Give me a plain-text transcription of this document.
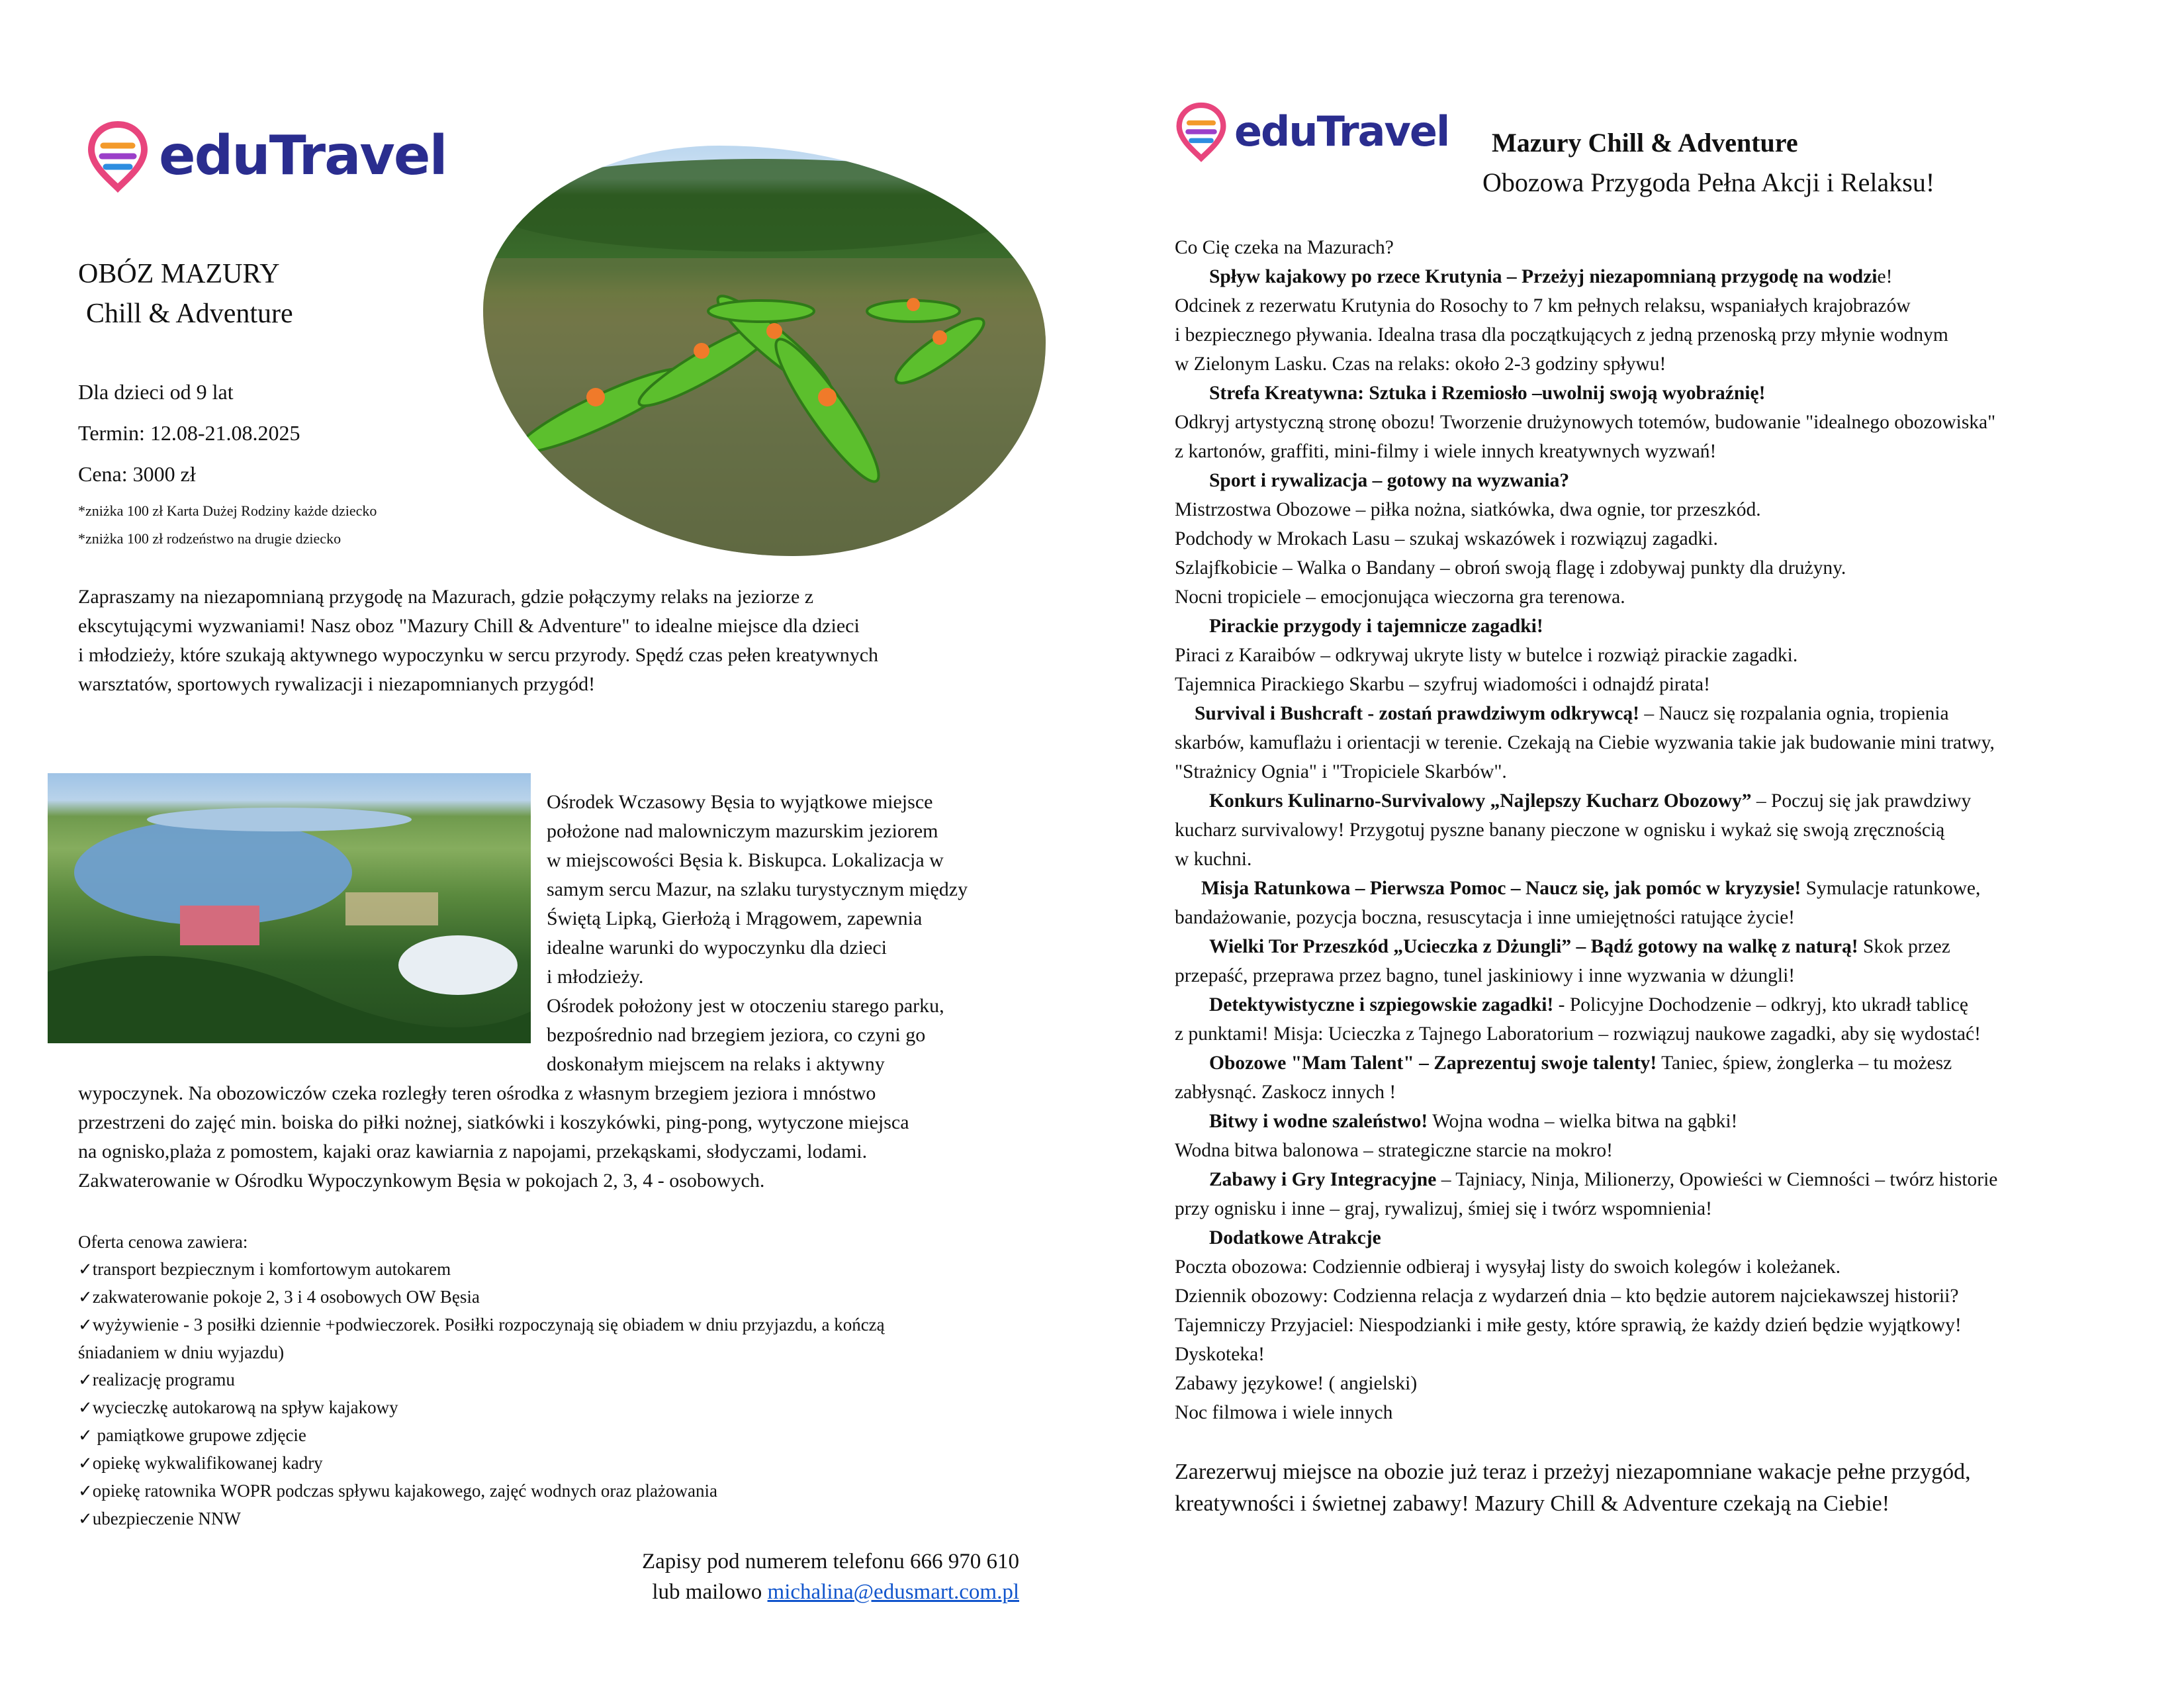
eduTravel	eduTravel
OBÓZ MAZURY
Chill & Adventure
Dla dzieci od 9 lat
Termin: 12.08-21.08.2025
Cena: 3000 zł
*zniżka 100 zł Karta Dużej Rodziny każde dziecko
*zniżka 100 zł rodzeństwo na drugie dziecko
Zapraszamy na niezapomnianą przygodę na Mazurach, gdzie połączymy relaks na jeziorze z
ekscytującymi wyzwaniami! Nasz oboz "Mazury Chill & Adventure" to idealne miejsce dla dzieci
i młodzieży, które szukają aktywnego wypoczynku w sercu przyrody. Spędź czas pełen kreatywnych
warsztatów, sportowych rywalizacji i niezapomnianych przygód!
Ośrodek Wczasowy Bęsia to wyjątkowe miejsce
położone nad malowniczym mazurskim jeziorem
w miejscowości Bęsia k. Biskupca. Lokalizacja w
samym sercu Mazur, na szlaku turystycznym między
Świętą Lipką, Gierłożą i Mrągowem, zapewnia
idealne warunki do wypoczynku dla dzieci
i młodzieży.
Ośrodek położony jest w otoczeniu starego parku,
bezpośrednio nad brzegiem jeziora, co czyni go
doskonałym miejscem na relaks i aktywny
wypoczynek. Na obozowiczów czeka rozległy teren ośrodka z własnym brzegiem jeziora i mnóstwo
przestrzeni do zajęć min. boiska do piłki nożnej, siatkówki i koszykówki, ping-pong, wytyczone miejsca
na ognisko,plaża z pomostem, kajaki oraz kawiarnia z napojami, przekąskami, słodyczami, lodami.
Zakwaterowanie w Ośrodku Wypoczynkowym Bęsia w pokojach 2, 3, 4 - osobowych.
Oferta cenowa zawiera:
✓transport bezpiecznym i komfortowym autokarem
✓zakwaterowanie pokoje 2, 3 i 4 osobowych OW Bęsia
✓wyżywienie - 3 posiłki dziennie +podwieczorek. Posiłki rozpoczynają się obiadem w dniu przyjazdu, a kończą
śniadaniem w dniu wyjazdu)
✓realizację programu
✓wycieczkę autokarową na spływ kajakowy
✓ pamiątkowe grupowe zdjęcie
✓opiekę wykwalifikowanej kadry
✓opiekę ratownika WOPR podczas spływu kajakowego, zajęć wodnych oraz plażowania
✓ubezpieczenie NNW
Zapisy pod numerem telefonu 666 970 610
lub mailowo michalina@edusmart.com.pl
Mazury Chill & Adventure
Obozowa Przygoda Pełna Akcji i Relaksu!
Co Cię czeka na Mazurach?
Spływ kajakowy po rzece Krutynia – Przeżyj niezapomnianą przygodę na wodzie!
Odcinek z rezerwatu Krutynia do Rosochy to 7 km pełnych relaksu, wspaniałych krajobrazów
i bezpiecznego pływania. Idealna trasa dla początkujących z jedną przenoską przy młynie wodnym
w Zielonym Lasku. Czas na relaks: około 2-3 godziny spływu!
Strefa Kreatywna: Sztuka i Rzemiosło –uwolnij swoją wyobraźnię!
Odkryj artystyczną stronę obozu! Tworzenie drużynowych totemów, budowanie "idealnego obozowiska"
z kartonów, graffiti, mini-filmy i wiele innych kreatywnych wyzwań!
Sport i rywalizacja – gotowy na wyzwania?
Mistrzostwa Obozowe – piłka nożna, siatkówka, dwa ognie, tor przeszkód.
Podchody w Mrokach Lasu – szukaj wskazówek i rozwiązuj zagadki.
Szlajfkobicie – Walka o Bandany – obroń swoją flagę i zdobywaj punkty dla drużyny.
Nocni tropiciele – emocjonująca wieczorna gra terenowa.
Pirackie przygody i tajemnicze zagadki!
Piraci z Karaibów – odkrywaj ukryte listy w butelce i rozwiąż pirackie zagadki.
Tajemnica Pirackiego Skarbu – szyfruj wiadomości i odnajdź pirata!
Survival i Bushcraft - zostań prawdziwym odkrywcą! – Naucz się rozpalania ognia, tropienia
skarbów, kamuflażu i orientacji w terenie. Czekają na Ciebie wyzwania takie jak budowanie mini tratwy,
"Strażnicy Ognia" i "Tropiciele Skarbów".
Konkurs Kulinarno-Survivalowy „Najlepszy Kucharz Obozowy” – Poczuj się jak prawdziwy
kucharz survivalowy! Przygotuj pyszne banany pieczone w ognisku i wykaż się swoją zręcznością
w kuchni.
Misja Ratunkowa – Pierwsza Pomoc – Naucz się, jak pomóc w kryzysie! Symulacje ratunkowe,
bandażowanie, pozycja boczna, resuscytacja i inne umiejętności ratujące życie!
Wielki Tor Przeszkód „Ucieczka z Dżungli” – Bądź gotowy na walkę z naturą! Skok przez
przepaść, przeprawa przez bagno, tunel jaskiniowy i inne wyzwania w dżungli!
Detektywistyczne i szpiegowskie zagadki! - Policyjne Dochodzenie – odkryj, kto ukradł tablicę
z punktami! Misja: Ucieczka z Tajnego Laboratorium – rozwiązuj naukowe zagadki, aby się wydostać!
Obozowe "Mam Talent" – Zaprezentuj swoje talenty! Taniec, śpiew, żonglerka – tu możesz
zabłysnąć. Zaskocz innych !
Bitwy i wodne szaleństwo! Wojna wodna – wielka bitwa na gąbki!
Wodna bitwa balonowa – strategiczne starcie na mokro!
Zabawy i Gry Integracyjne – Tajniacy, Ninja, Milionerzy, Opowieści w Ciemności – twórz historie
przy ognisku i inne – graj, rywalizuj, śmiej się i twórz wspomnienia!
Dodatkowe Atrakcje
Poczta obozowa: Codziennie odbieraj i wysyłaj listy do swoich kolegów i koleżanek.
Dziennik obozowy: Codzienna relacja z wydarzeń dnia – kto będzie autorem najciekawszej historii?
Tajemniczy Przyjaciel: Niespodzianki i miłe gesty, które sprawią, że każdy dzień będzie wyjątkowy!
Dyskoteka!
Zabawy językowe! ( angielski)
Noc filmowa i wiele innych
Zarezerwuj miejsce na obozie już teraz i przeżyj niezapomniane wakacje pełne przygód,
kreatywności i świetnej zabawy! Mazury Chill & Adventure czekają na Ciebie!
